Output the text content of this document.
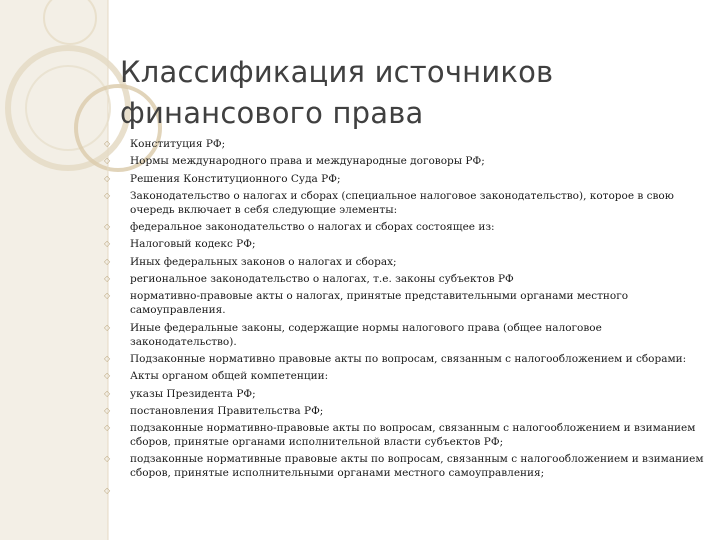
Классификация источников финансового права
◇	Конституция РФ;
◇	Нормы международного права и международные договоры РФ;
◇	Решения Конституционного Суда РФ;
◇	Законодательство о налогах и сборах (специальное налоговое законодательство), которое в свою очередь включает в себя следующие элементы:
◇	федеральное законодательство о налогах и сборах состоящее из:
◇	Налоговый кодекс РФ;
◇	Иных федеральных законов о налогах и сборах;
◇	региональное законодательство о налогах, т.е. законы субъектов РФ
◇	нормативно-правовые акты о налогах, принятые представительными органами местного самоуправления.
◇	Иные федеральные законы, содержащие нормы налогового права (общее налоговое законодательство).
◇	Подзаконные нормативно правовые акты по вопросам, связанным с налогообложением и сборами:
◇	Акты органом общей компетенции:
◇	указы Президента РФ;
◇	постановления Правительства РФ;
◇	подзаконные нормативно-правовые акты по вопросам, связанным с налогообложением и взиманием сборов, принятые органами исполнительной власти субъектов РФ;
◇	подзаконные нормативные правовые акты по вопросам, связанным с налогообложением и взиманием сборов, принятые исполнительными органами местного самоуправления;
◇
